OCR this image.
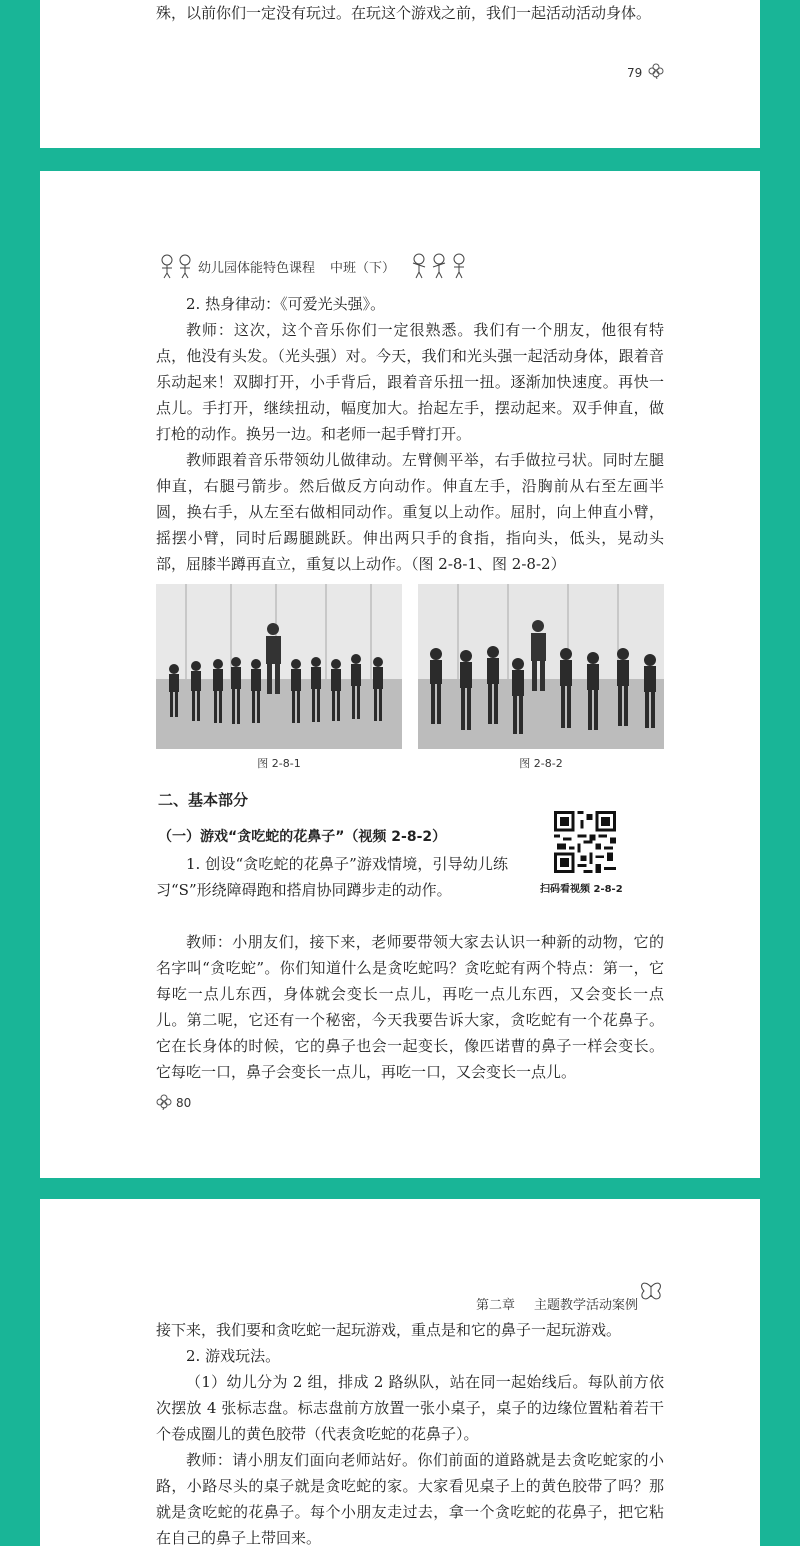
殊，以前你们一定没有玩过。在玩这个游戏之前，我们一起活动活动身体。

79
幼儿园体能特色课程 中班（下）

2. 热身律动：《可爱光头强》。

教师：这次，这个音乐你们一定很熟悉。我们有一个朋友，他很有特点，他没有头发。（光头强）对。今天，我们和光头强一起活动身体，跟着音乐动起来！双脚打开，小手背后，跟着音乐扭一扭。逐渐加快速度。再快一点儿。手打开，继续扭动，幅度加大。抬起左手，摆动起来。双手伸直，做打枪的动作。换另一边。和老师一起手臂打开。

教师跟着音乐带领幼儿做律动。左臂侧平举，右手做拉弓状。同时左腿伸直，右腿弓箭步。然后做反方向动作。伸直左手，沿胸前从右至左画半圆，换右手，从左至右做相同动作。重复以上动作。屈肘，向上伸直小臂，摇摆小臂，同时后踢腿跳跃。伸出两只手的食指，指向头，低头，晃动头部，屈膝半蹲再直立，重复以上动作。（图 2-8-1、图 2-8-2）

图 2-8-1	图 2-8-2
二、基本部分
（一）游戏“贪吃蛇的花鼻子”（视频 2-8-2）
扫码看视频 2-8-2

1. 创设“贪吃蛇的花鼻子”游戏情境，引导幼儿练习“S”形绕障碍跑和搭肩协同蹲步走的动作。

教师：小朋友们，接下来，老师要带领大家去认识一种新的动物，它的名字叫“贪吃蛇”。你们知道什么是贪吃蛇吗？贪吃蛇有两个特点：第一，它每吃一点儿东西，身体就会变长一点儿，再吃一点儿东西，又会变长一点儿。第二呢，它还有一个秘密，今天我要告诉大家，贪吃蛇有一个花鼻子。它在长身体的时候，它的鼻子也会一起变长，像匹诺曹的鼻子一样会变长。它每吃一口，鼻子会变长一点儿，再吃一口，又会变长一点儿。

80
第二章 主题教学活动案例

接下来，我们要和贪吃蛇一起玩游戏，重点是和它的鼻子一起玩游戏。

2. 游戏玩法。

（1）幼儿分为 2 组，排成 2 路纵队，站在同一起始线后。每队前方依次摆放 4 张标志盘。标志盘前方放置一张小桌子，桌子的边缘位置粘着若干个卷成圈儿的黄色胶带（代表贪吃蛇的花鼻子）。

教师：请小朋友们面向老师站好。你们前面的道路就是去贪吃蛇家的小路，小路尽头的桌子就是贪吃蛇的家。大家看见桌子上的黄色胶带了吗？那就是贪吃蛇的花鼻子。每个小朋友走过去，拿一个贪吃蛇的花鼻子，把它粘在自己的鼻子上带回来。
